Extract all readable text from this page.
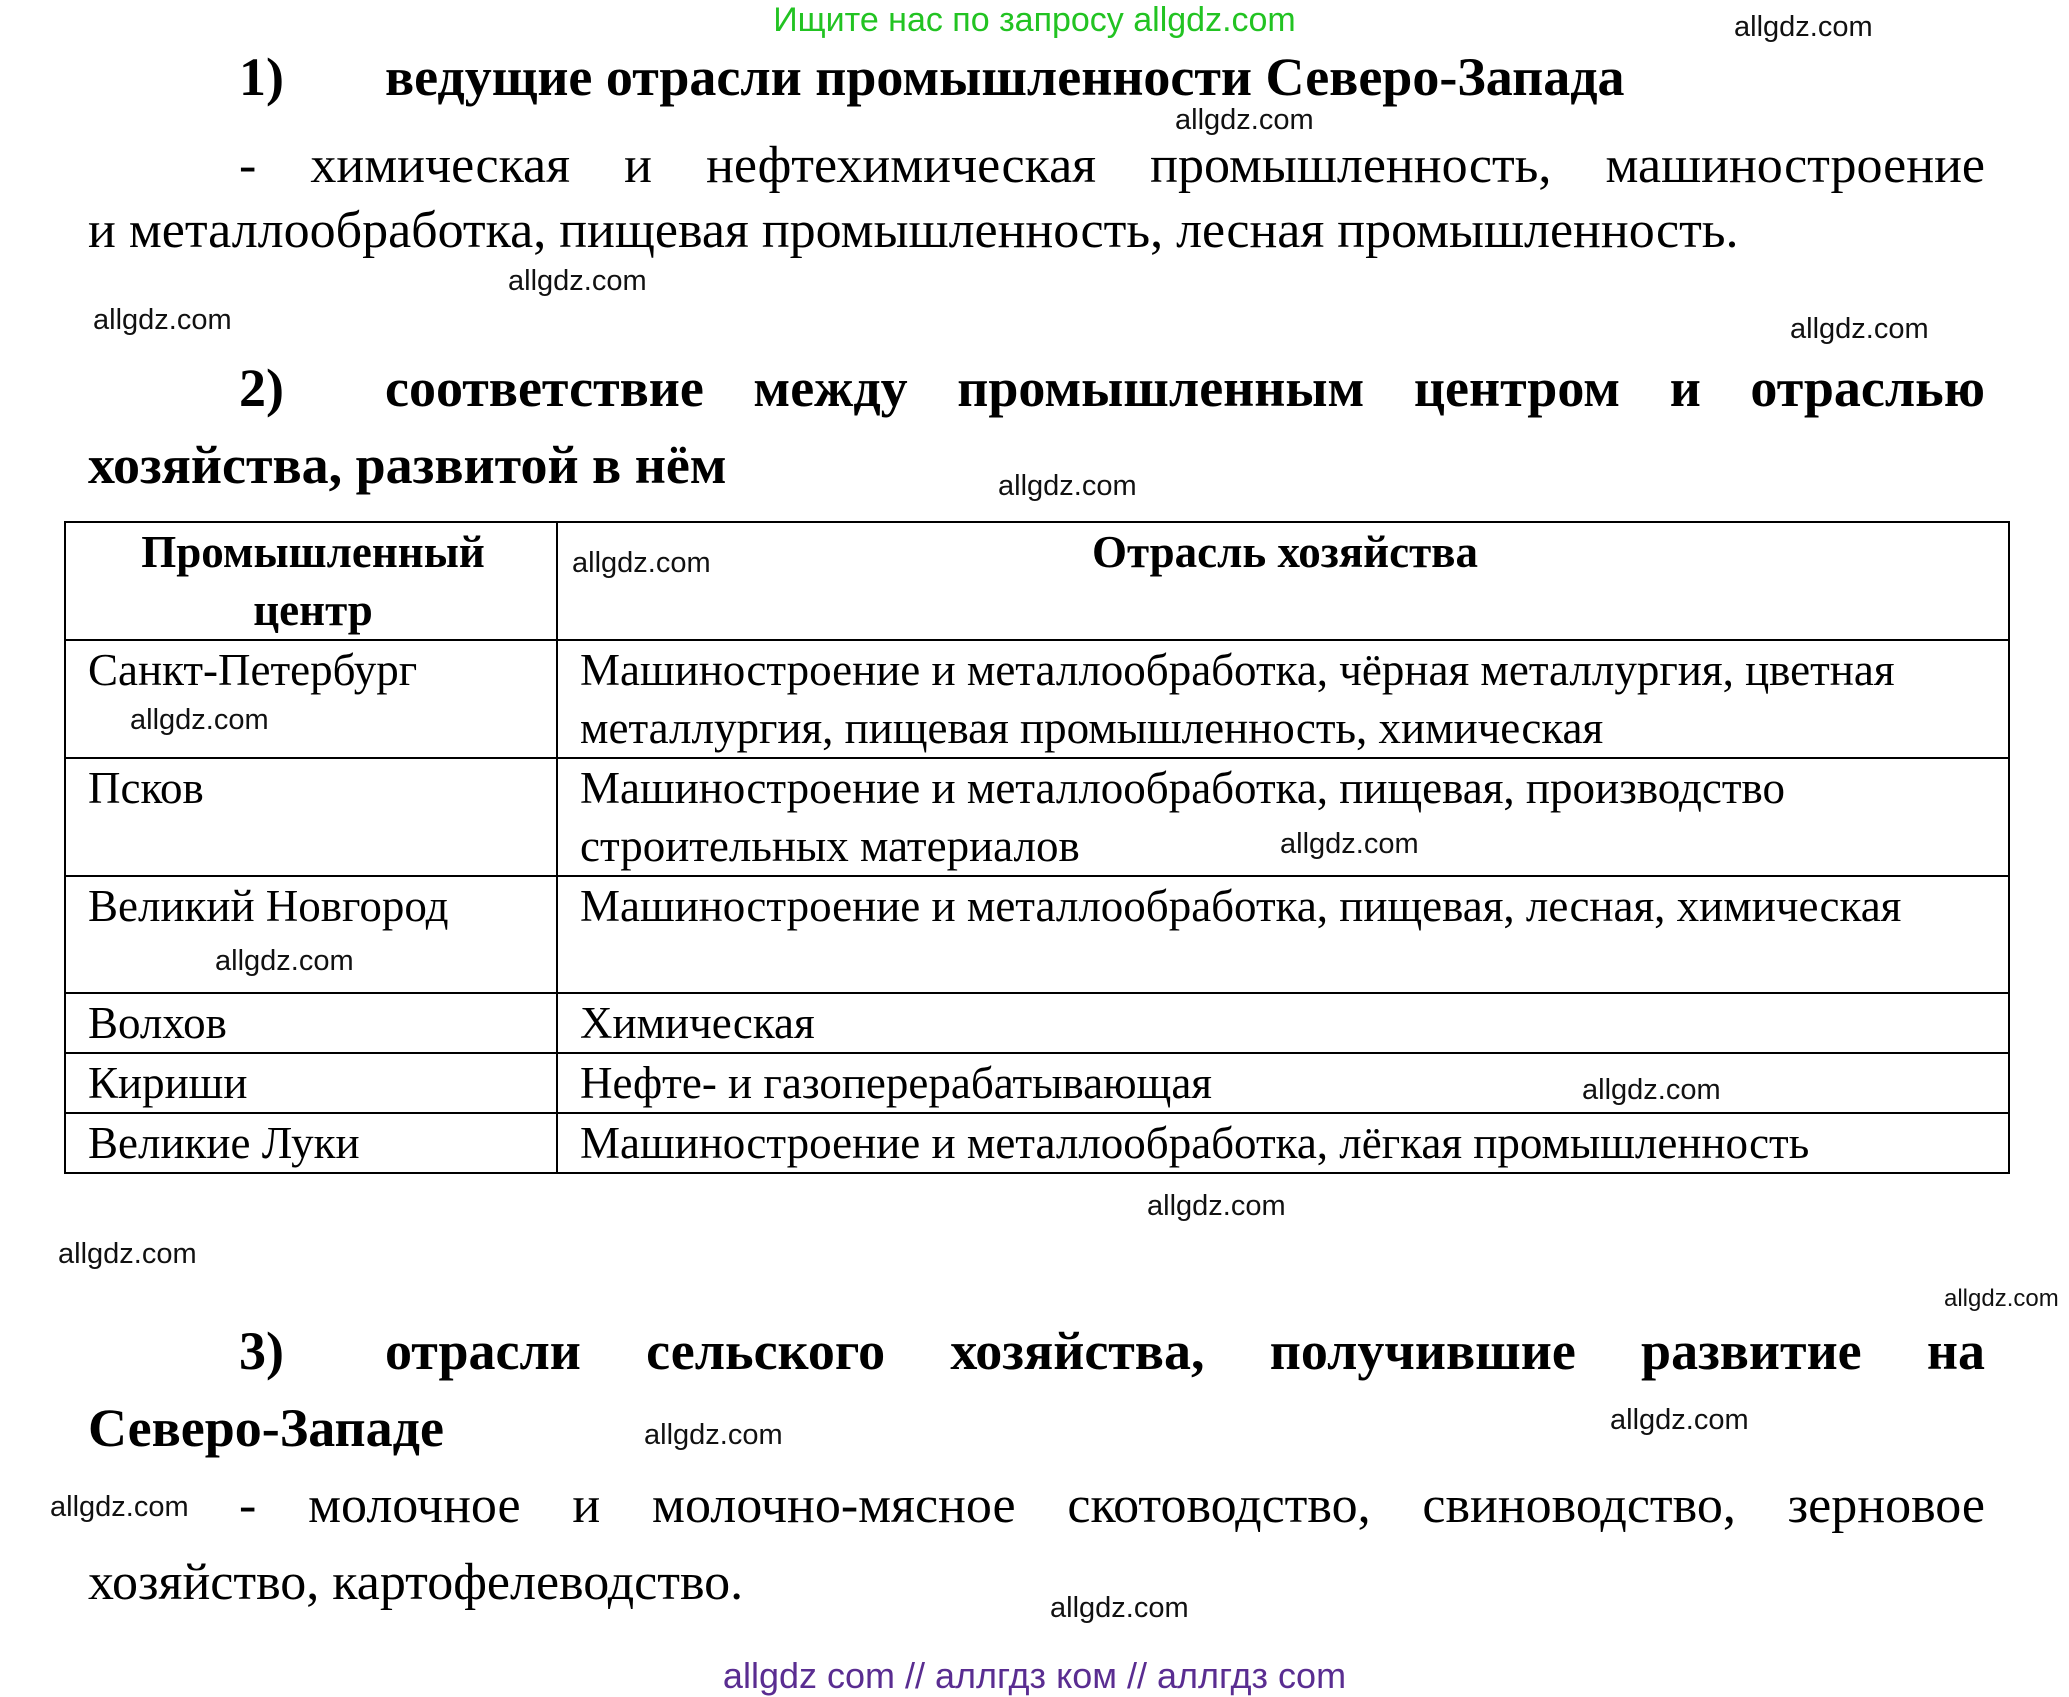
Ищите нас по запросу allgdz.com
1) ведущие отрасли промышленности Северо-Запада
- химическая и нефтехимическая промышленность, машиностроение
и металлообработка, пищевая промышленность, лесная промышленность.
2) соответствие между промышленным центром и отраслью
хозяйства, развитой в нём
Промышленный центр	Отрасль хозяйства
Санкт-Петербург	Машиностроение и металлообработка, чёрная металлургия, цветная металлургия, пищевая промышленность, химическая
Псков	Машиностроение и металлообработка, пищевая, производство строительных материалов
Великий Новгород	Машиностроение и металлообработка, пищевая, лесная, химическая
Волхов	Химическая
Кириши	Нефте- и газоперерабатывающая
Великие Луки	Машиностроение и металлообработка, лёгкая промышленность
3) отрасли сельского хозяйства, получившие развитие на
Северо-Западе
- молочное и молочно-мясное скотоводство, свиноводство, зерновое
хозяйство, картофелеводство.
allgdz.com
allgdz.com
allgdz.com
allgdz.com	allgdz.com
allgdz.com
allgdz.com
allgdz.com
allgdz.com
allgdz.com
allgdz.com
allgdz.com
allgdz.com
allgdz.com
allgdz.com
allgdz.com
allgdz.com
allgdz.com
allgdz com // аллгдз ком // аллгдз com
